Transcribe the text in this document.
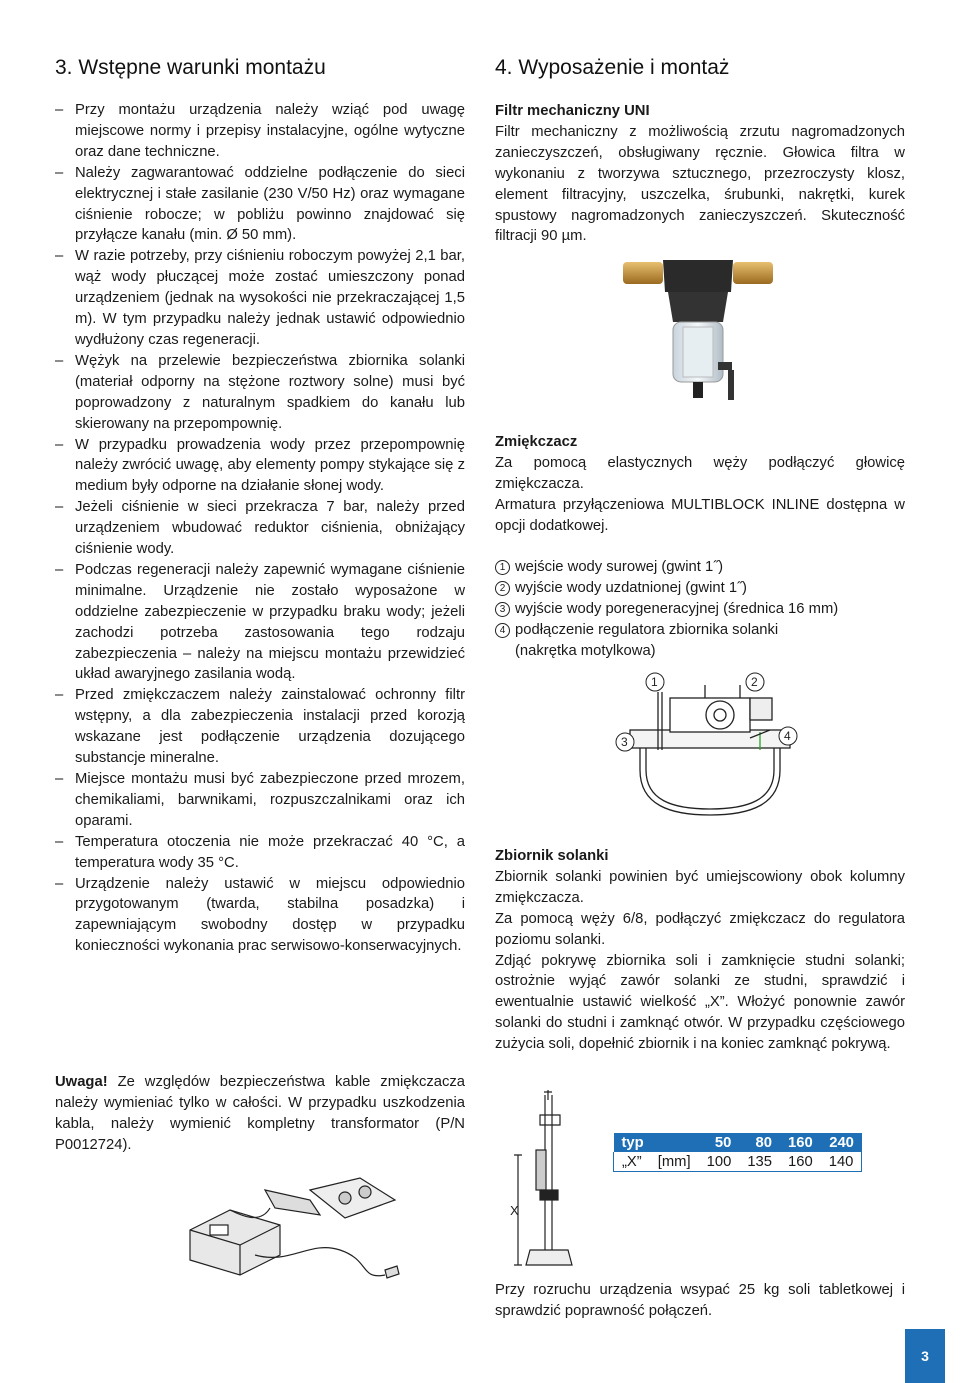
3. Wstępne warunki montażu
– Przy montażu urządzenia należy wziąć pod uwagę miejscowe normy i przepisy instalacyjne, ogólne wytyczne oraz dane techniczne.
– Należy zagwarantować oddzielne podłączenie do sieci elektrycznej i stałe zasilanie (230 V/50 Hz) oraz wymagane ciśnienie robocze; w pobliżu powinno znajdować się przyłącze kanału (min. Ø 50 mm).
– W razie potrzeby, przy ciśnieniu roboczym powyżej 2,1 bar, wąż wody płuczącej może zostać umieszczony ponad urządzeniem (jednak na wysokości nie przekraczającej 1,5 m). W tym przypadku należy jednak ustawić odpowiednio wydłużony czas regeneracji.
– Wężyk na przelewie bezpieczeństwa zbiornika solanki (materiał odporny na stężone roztwory solne) musi być poprowadzony z naturalnym spadkiem do kanału lub skierowany na przepompownię.
– W przypadku prowadzenia wody przez przepompownię należy zwrócić uwagę, aby elementy pompy stykające się z medium były odporne na działanie słonej wody.
– Jeżeli ciśnienie w sieci przekracza 7 bar, należy przed urządzeniem wbudować reduktor ciśnienia, obniżający ciśnienie wody.
– Podczas regeneracji należy zapewnić wymagane ciśnienie minimalne. Urządzenie nie zostało wyposażone w oddzielne zabezpieczenie w przypadku braku wody; jeżeli zachodzi potrzeba zastosowania tego rodzaju zabezpieczenia – należy na miejscu montażu przewidzieć układ awaryjnego zasilania wodą.
– Przed zmiękczaczem należy zainstalować ochronny filtr wstępny, a dla zabezpieczenia instalacji przed korozją wskazane jest podłączenie urządzenia dozującego substancje mineralne.
– Miejsce montażu musi być zabezpieczone przed mrozem, chemikaliami, barwnikami, rozpuszczalnikami oraz ich oparami.
– Temperatura otoczenia nie może przekraczać 40 °C, a temperatura wody 35 °C.
– Urządzenie należy ustawić w miejscu odpowiednio przygotowanym (twarda, stabilna posadzka) i zapewniającym swobodny dostęp w przypadku konieczności wykonania prac serwisowo-konserwacyjnych.
Uwaga! Ze względów bezpieczeństwa kable zmiękczacza należy wymieniać tylko w całości. W przypadku uszkodzenia kabla, należy wymienić kompletny transformator (P/N P0012724).
4. Wyposażenie i montaż
Filtr mechaniczny UNI

Filtr mechaniczny z możliwością zrzutu nagromadzonych zanieczyszczeń, obsługiwany ręcznie. Głowica filtra w wykonaniu z tworzywa sztucznego, przezroczysty klosz, element filtracyjny, uszczelka, śrubunki, nakrętki, kurek spustowy nagromadzonych zanieczyszczeń. Skuteczność filtracji 90 µm.

Zmiękczacz

Za pomocą elastycznych węży podłączyć głowicę zmiękczacza.

Armatura przyłączeniowa MULTIBLOCK INLINE dostępna w opcji dodatkowej.

1 wejście wody surowej (gwint 1˝)
2 wyjście wody uzdatnionej (gwint 1˝)
3 wyjście wody poregeneracyjnej (średnica 16 mm)
4 podłączenie regulatora zbiornika solanki
(nakrętka motylkowa)
1	2
3	4
Zbiornik solanki

Zbiornik solanki powinien być umiejscowiony obok kolumny zmiękczacza.

Za pomocą węży 6/8, podłączyć zmiękczacz do regulatora poziomu solanki.

Zdjąć pokrywę zbiornika soli i zamknięcie studni solanki; ostrożnie wyjąć zawór solanki ze studni, sprawdzić i ewentualnie ustawić wielkość „X”. Włożyć ponownie zawór solanki do studni i zamknąć otwór. W przypadku częściowego zużycia soli, dopełnić zbiornik i na koniec zamknąć pokrywą.

X

Przy rozruchu urządzenia wsypać 25 kg soli tabletkowej i sprawdzić poprawność połączeń.

typ		50	80	160	240
„X”	[mm]	100	135	160	140
3
